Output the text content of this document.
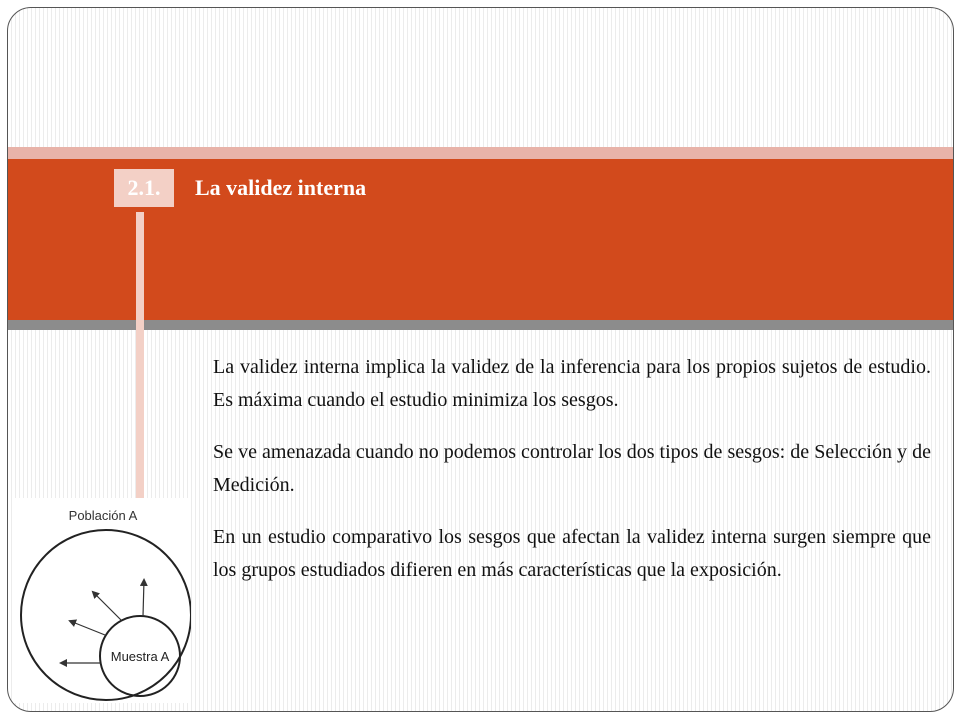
2.1.	La validez interna

La validez interna implica la validez de la inferencia para los propios sujetos de estudio. Es máxima cuando el estudio minimiza los sesgos.

Se ve amenazada cuando no podemos controlar los dos tipos de sesgos: de Selección y de Medición.

En un estudio comparativo los sesgos que afectan la validez interna surgen siempre que los grupos estudiados difieren en más características que la exposición.

Población A
Muestra A
